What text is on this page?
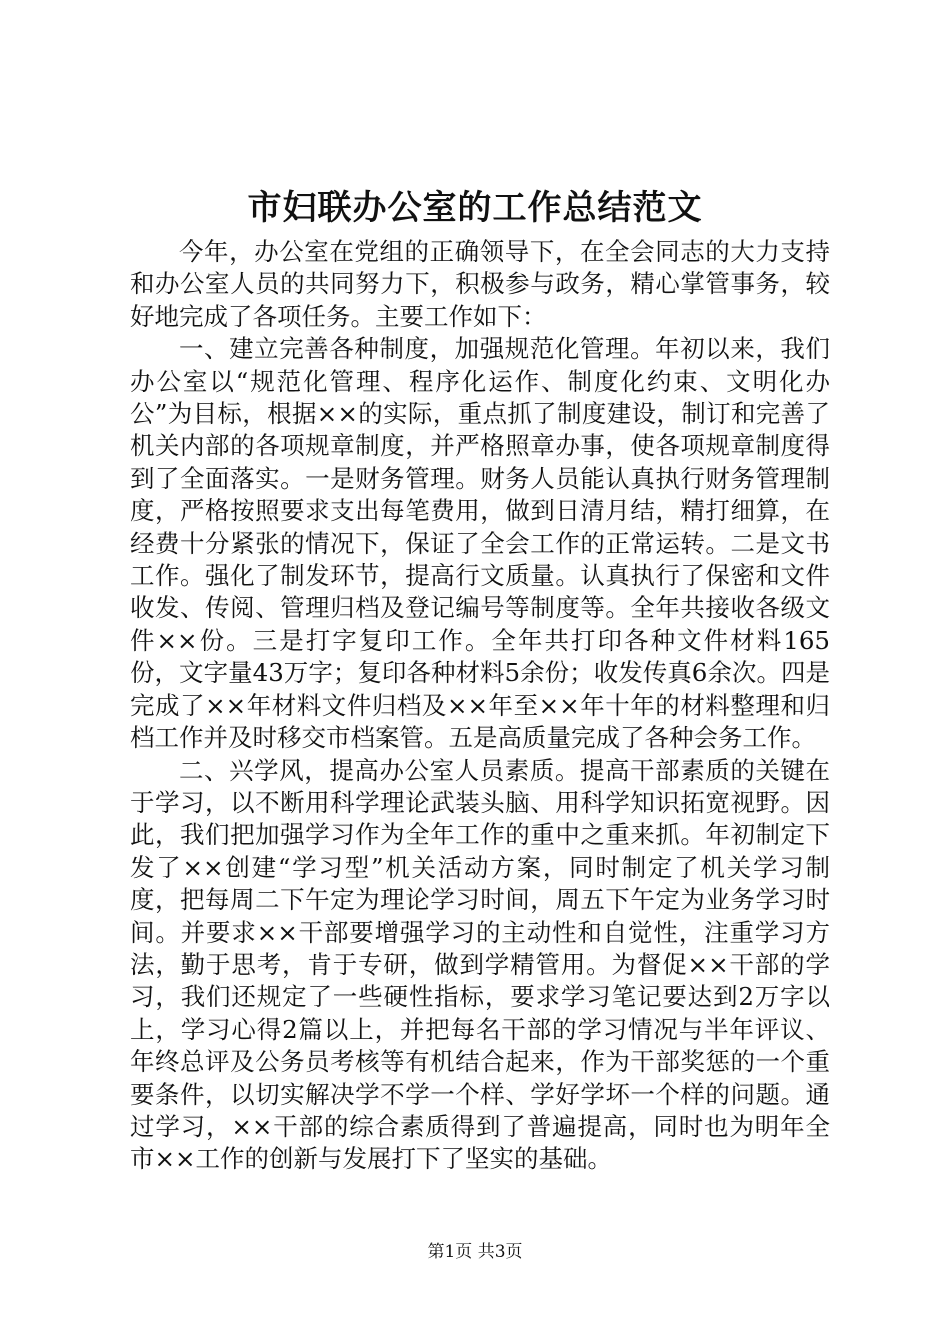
市妇联办公室的工作总结范文

今年，办公室在党组的正确领导下，在全会同志的大力支持和办公室人员的共同努力下，积极参与政务，精心掌管事务，较好地完成了各项任务。主要工作如下：

一、建立完善各种制度，加强规范化管理。年初以来，我们办公室以“规范化管理、程序化运作、制度化约束、文明化办公”为目标，根据××的实际，重点抓了制度建设，制订和完善了机关内部的各项规章制度，并严格照章办事，使各项规章制度得到了全面落实。一是财务管理。财务人员能认真执行财务管理制度，严格按照要求支出每笔费用，做到日清月结，精打细算，在经费十分紧张的情况下，保证了全会工作的正常运转。二是文书工作。强化了制发环节，提高行文质量。认真执行了保密和文件收发、传阅、管理归档及登记编号等制度等。全年共接收各级文件××份。三是打字复印工作。全年共打印各种文件材料165份，文字量43万字；复印各种材料5余份；收发传真6余次。四是完成了××年材料文件归档及××年至××年十年的材料整理和归档工作并及时移交市档案管。五是高质量完成了各种会务工作。

二、兴学风，提高办公室人员素质。提高干部素质的关键在于学习，以不断用科学理论武装头脑、用科学知识拓宽视野。因此，我们把加强学习作为全年工作的重中之重来抓。年初制定下发了××创建“学习型”机关活动方案，同时制定了机关学习制度，把每周二下午定为理论学习时间，周五下午定为业务学习时间。并要求××干部要增强学习的主动性和自觉性，注重学习方法，勤于思考，肯于专研，做到学精管用。为督促××干部的学习，我们还规定了一些硬性指标，要求学习笔记要达到2万字以上，学习心得2篇以上，并把每名干部的学习情况与半年评议、年终总评及公务员考核等有机结合起来，作为干部奖惩的一个重要条件，以切实解决学不学一个样、学好学坏一个样的问题。通过学习，××干部的综合素质得到了普遍提高，同时也为明年全市××工作的创新与发展打下了坚实的基础。

第1页 共3页
